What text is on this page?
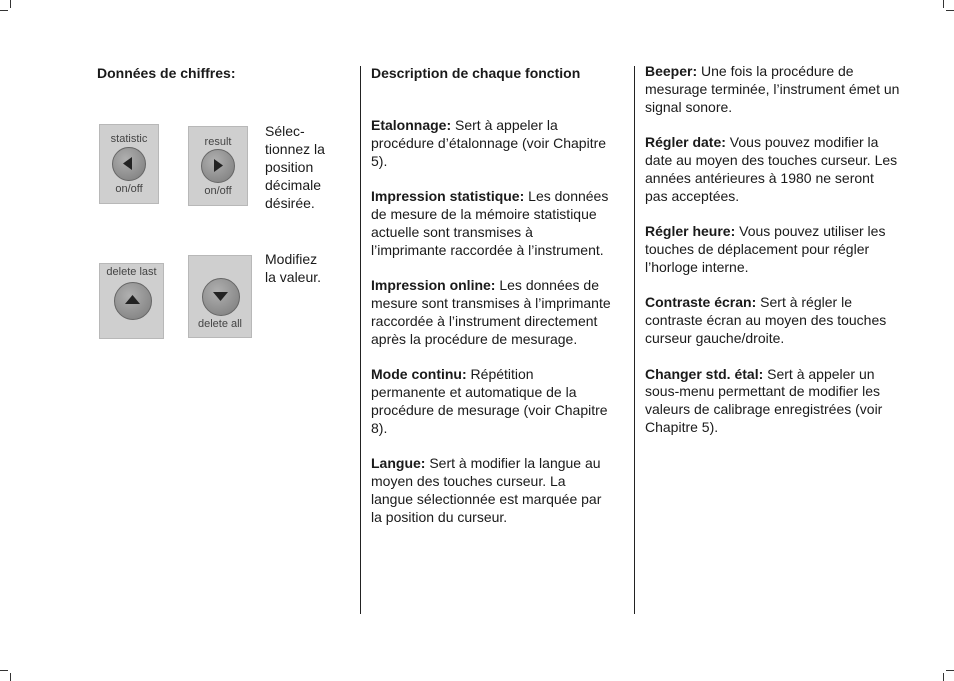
Données de chiffres:
statistic
on/off
result
on/off
Sélec-
tionnez la
position
décimale
désirée.
delete last
delete all
Modifiez
la valeur.
Description de chaque fonction

Etalonnage: Sert à appeler la procédure d’étalonnage (voir Chapitre 5).

Impression statistique: Les données de mesure de la mémoire statistique actuelle sont transmises à l’imprimante raccordée à l’instrument.

Impression online: Les données de mesure sont transmises à l’imprimante raccordée à l’instrument directement après la procédure de mesurage.

Mode continu: Répétition permanente et automatique de la procédure de mesurage (voir Chapitre 8).

Langue: Sert à modifier la langue au moyen des touches curseur. La langue sélectionnée est marquée par la position du curseur.

Beeper: Une fois la procédure de mesurage terminée, l’instrument émet un signal sonore.

Régler date: Vous pouvez modifier la date au moyen des touches curseur. Les années antérieures à 1980 ne seront pas acceptées.

Régler heure: Vous pouvez utiliser les touches de déplacement pour régler l’horloge interne.

Contraste écran: Sert à régler le contraste écran au moyen des touches curseur gauche/droite.

Changer std. étal: Sert à appeler un sous-menu permettant de modifier les valeurs de calibrage enregistrées (voir Chapitre 5).
